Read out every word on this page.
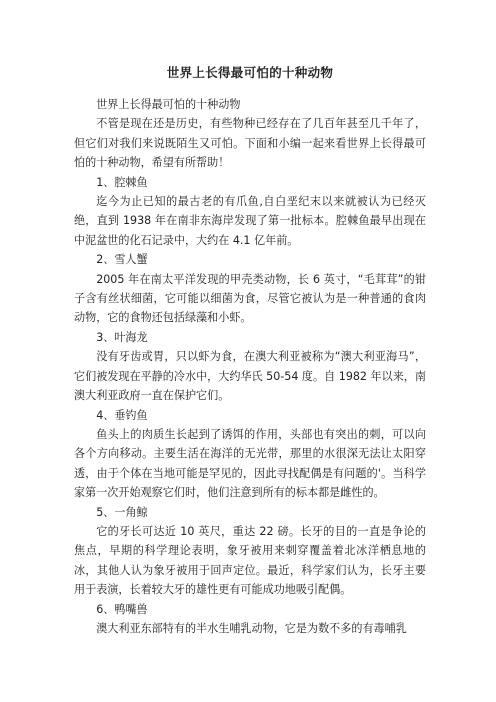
世界上长得最可怕的十种动物

世界上长得最可怕的十种动物

不管是现在还是历史，有些物种已经存在了几百年甚至几千年了，但它们对我们来说既陌生又可怕。下面和小编一起来看世界上长得最可怕的十种动物，希望有所帮助！

1、腔棘鱼

迄今为止已知的最古老的有爪鱼,自白垩纪末以来就被认为已经灭绝，直到 1938 年在南非东海岸发现了第一批标本。腔棘鱼最早出现在中泥盆世的化石记录中，大约在 4.1 亿年前。

2、雪人蟹

2005 年在南太平洋发现的甲壳类动物，长 6 英寸，“毛茸茸”的钳子含有丝状细菌，它可能以细菌为食，尽管它被认为是一种普通的食肉动物，它的食物还包括绿藻和小虾。

3、叶海龙

没有牙齿或胃，只以虾为食，在澳大利亚被称为“澳大利亚海马”，它们被发现在平静的冷水中，大约华氏 50-54 度。自 1982 年以来，南澳大利亚政府一直在保护它们。

4、垂钓鱼

鱼头上的肉质生长起到了诱饵的作用，头部也有突出的刺，可以向各个方向移动。主要生活在海洋的无光带，那里的水很深无法让太阳穿透，由于个体在当地可能是罕见的，因此寻找配偶是有问题的'。当科学家第一次开始观察它们时，他们注意到所有的标本都是雌性的。

5、一角鲸

它的牙长可达近 10 英尺，重达 22 磅。长牙的目的一直是争论的焦点，早期的科学理论表明，象牙被用来刺穿覆盖着北冰洋栖息地的冰，其他人认为象牙被用于回声定位。最近，科学家们认为，长牙主要用于表演，长着较大牙的雄性更有可能成功地吸引配偶。

6、鸭嘴兽

澳大利亚东部特有的半水生哺乳动物，它是为数不多的有毒哺乳
